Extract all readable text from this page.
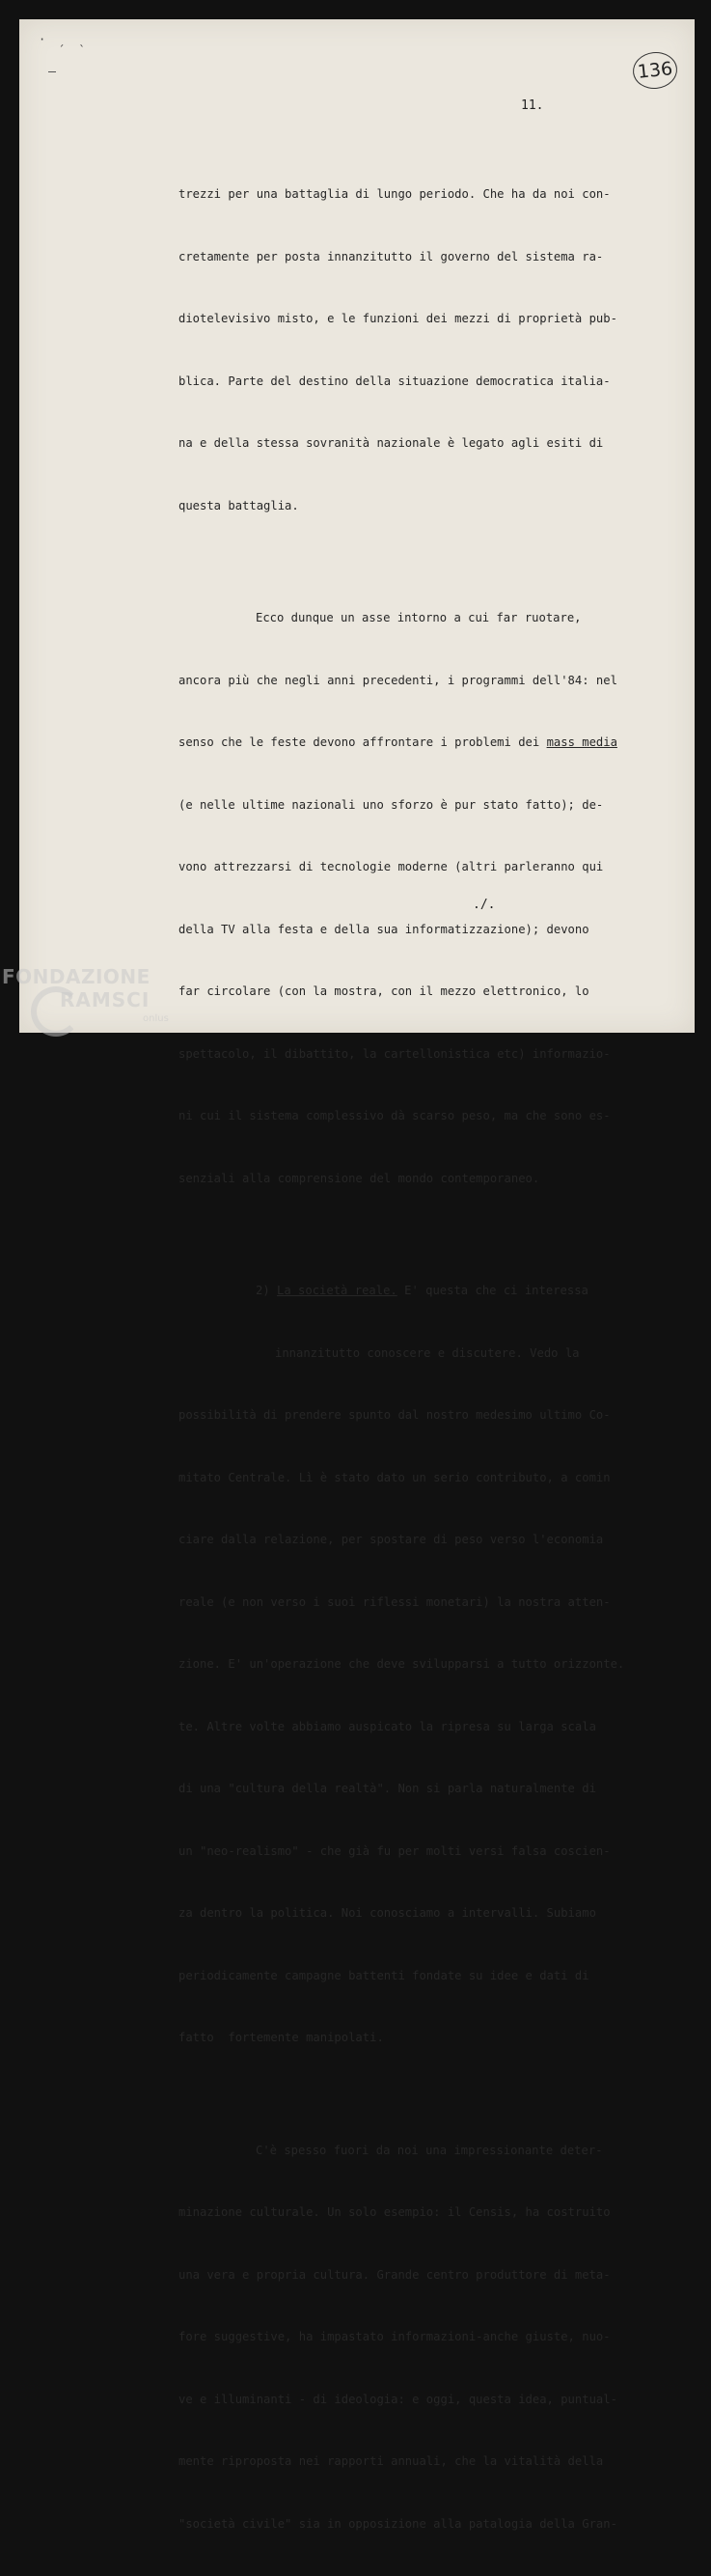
· ˏ ˎ
136
11.

trezzi per una battaglia di lungo periodo. Che ha da noi con-

cretamente per posta innanzitutto il governo del sistema ra-

diotelevisivo misto, e le funzioni dei mezzi di proprietà pub-

blica. Parte del destino della situazione democratica italia-

na e della stessa sovranità nazionale è legato agli esiti di

questa battaglia.

Ecco dunque un asse intorno a cui far ruotare,

ancora più che negli anni precedenti, i programmi dell'84: nel

senso che le feste devono affrontare i problemi dei mass media

(e nelle ultime nazionali uno sforzo è pur stato fatto); de-

vono attrezzarsi di tecnologie moderne (altri parleranno qui

della TV alla festa e della sua informatizzazione); devono

far circolare (con la mostra, con il mezzo elettronico, lo

spettacolo, il dibattito, la cartellonistica etc) informazio-

ni cui il sistema complessivo dà scarso peso, ma che sono es-

senziali alla comprensione del mondo contemporaneo.

2) La società reale. E' questa che ci interessa

innanzitutto conoscere e discutere. Vedo la

possibilità di prendere spunto dal nostro medesimo ultimo Co-

mitato Centrale. Lì è stato dato un serio contributo, a comin

ciare dalla relazione, per spostare di peso verso l'economia

reale (e non verso i suoi riflessi monetari) la nostra atten-

zione. E' un'operazione che deve svilupparsi a tutto orizzonte.

te. Altre volte abbiamo auspicato la ripresa su larga scala

di una "cultura della realtà". Non si parla naturalmente di

un "neo-realismo" - che già fu per molti versi falsa coscien-

za dentro la politica. Noi conosciamo a intervalli. Subiamo

periodicamente campagne battenti fondate su idee e dati di

fatto  fortemente manipolati.

C'è spesso fuori da noi una impressionante deter-

minazione culturale. Un solo esempio: il Censis, ha costruito

una vera e propria cultura. Grande centro produttore di meta-

fore suggestive, ha impastato informazioni-anche giuste, nuo-

ve e illuminanti - di ideologia: e oggi, questa idea, puntual-

mente riproposta nei rapporti annuali, che la vitalità della

"società civile" sia in opposizione alla patalogia della Gran-

./.
FONDAZIONE
RAMSCI
onlus
